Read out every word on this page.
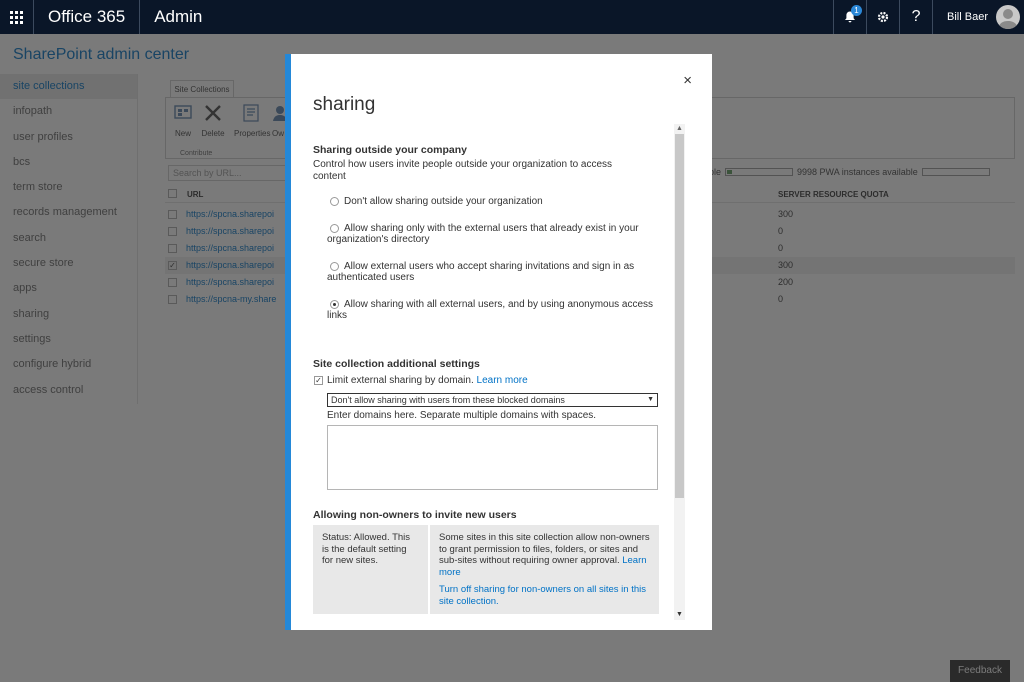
Office 365	Admin	1	?	Bill Baer
×
sharing
Sharing outside your company
Control how users invite people outside your organization to access content
Don't allow sharing outside your organization
Allow sharing only with the external users that already exist in your organization's directory
Allow external users who accept sharing invitations and sign in as authenticated users
Allow sharing with all external users, and by using anonymous access links
Site collection additional settings
✓ Limit external sharing by domain. Learn more
Don't allow sharing with users from these blocked domains	▼
Enter domains here. Separate multiple domains with spaces.
Allowing non-owners to invite new users
Status: Allowed. This is the default setting for new sites.
Some sites in this site collection allow non-owners to grant permission to files, folders, or sites and sub-sites without requiring owner approval. Learn more
Turn off sharing for non-owners on all sites in this site collection.
▲
▼
